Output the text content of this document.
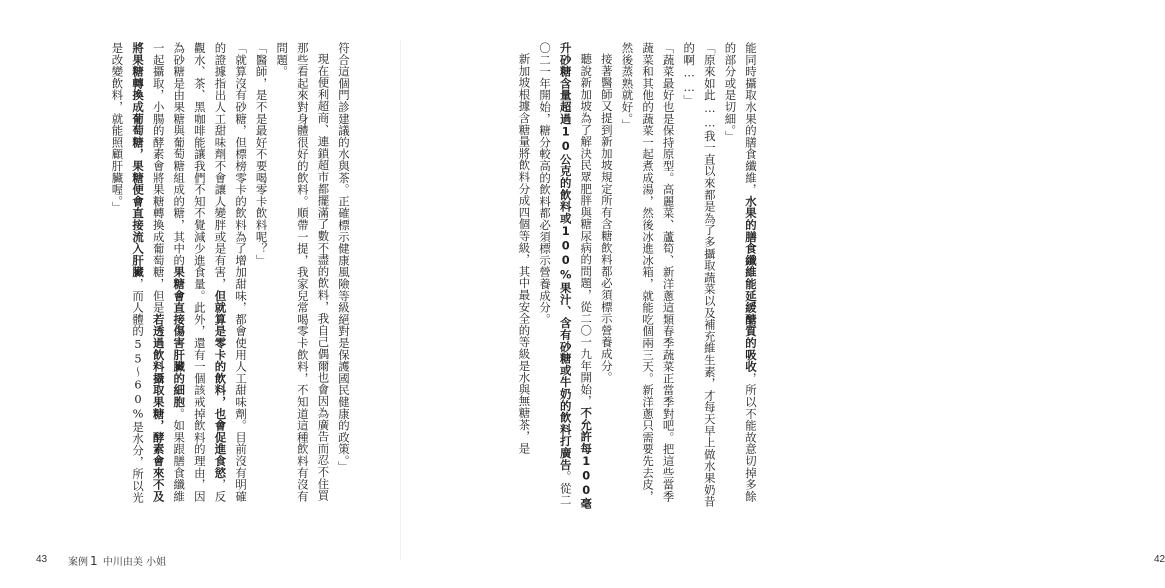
符合這個門診建議的水與茶。正確標示健康風險等級絕對是保護國民健康的政策。」

現在便利超商、連鎖超市都擺滿了數不盡的飲料，我自己偶爾也會因為廣告而忍不住買那些看起來對身體很好的飲料。順帶一提，我家兒常喝零卡飲料，不知道這種飲料有沒有問題。

「醫師，是不是最好不要喝零卡飲料呢？」

「就算沒有砂糖，但標榜零卡的飲料為了增加甜味，都會使用人工甜味劑。目前沒有明確的證據指出人工甜味劑不會讓人變胖或是有害，但就算是零卡的飲料，也會促進食慾，反觀水、茶、黑咖啡能讓我們不知不覺減少進食量。此外，還有一個該戒掉飲料的理由，因為砂糖是由果糖與葡萄糖組成的糖，其中的果糖會直接傷害肝臟的細胞。如果跟膳食纖維一起攝取，小腸的酵素會將果糖轉換成葡萄糖，但是若透過飲料攝取果糖，酵素會來不及將果糖轉換成葡萄糖，果糖便會直接流入肝臟，而人體的55～60%是水分，所以光是改變飲料，就能照顧肝臟喔。」

43 案例 1 中川由美 小姐

能同時攝取水果的膳食纖維，水果的膳食纖維能延緩醣質的吸收，所以不能故意切掉多餘的部分或是切細。」

「原來如此……我一直以來都是為了多攝取蔬菜以及補充維生素，才每天早上做水果奶昔的啊……」

「蔬菜最好也是保持原型。高麗菜、蘆筍、新洋蔥這類春季蔬菜正當季對吧。把這些當季蔬菜和其他的蔬菜一起煮成湯，然後冰進冰箱，就能吃個兩三天。新洋蔥只需要先去皮，然後蒸熟就好。」

接著醫師又提到新加坡規定所有含糖飲料都必須標示營養成分。

聽說新加坡為了解決民眾肥胖與糖尿病的問題，從二〇一九年開始，不允許每100毫升砂糖含量超過10公克的飲料或100%果汁、含有砂糖或牛奶的飲料打廣告。從二〇二一年開始，糖分較高的飲料都必須標示營養成分。

新加坡根據含糖量將飲料分成四個等級，其中最安全的等級是水與無糖茶，是

42
